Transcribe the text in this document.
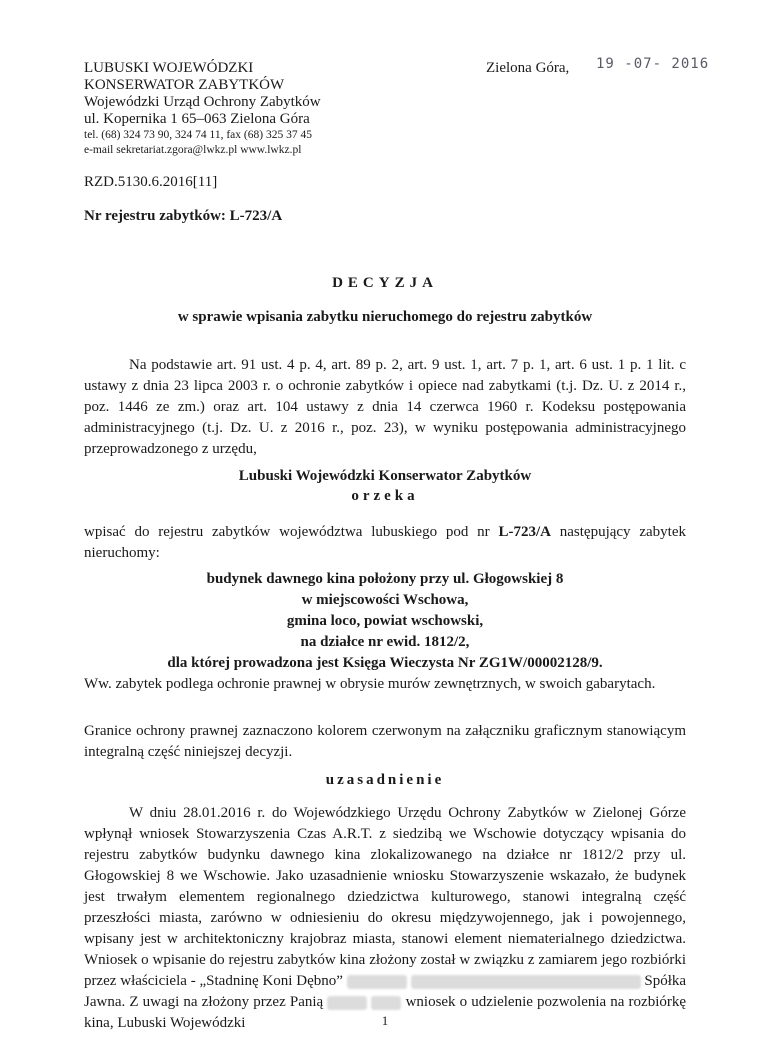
LUBUSKI WOJEWÓDZKI
KONSERWATOR ZABYTKÓW
Wojewódzki Urząd Ochrony Zabytków
ul. Kopernika 1 65–063 Zielona Góra
tel. (68) 324 73 90, 324 74 11, fax (68) 325 37 45
e-mail sekretariat.zgora@lwkz.pl www.lwkz.pl
Zielona Góra, 19 -07- 2016
RZD.5130.6.2016[11]
Nr rejestru zabytków: L-723/A
DECYZJA
w sprawie wpisania zabytku nieruchomego do rejestru zabytków
Na podstawie art. 91 ust. 4 p. 4, art. 89 p. 2, art. 9 ust. 1, art. 7 p. 1, art. 6 ust. 1 p. 1 lit. c ustawy z dnia 23 lipca 2003 r. o ochronie zabytków i opiece nad zabytkami (t.j. Dz. U. z 2014 r., poz. 1446 ze zm.) oraz art. 104 ustawy z dnia 14 czerwca 1960 r. Kodeksu postępowania administracyjnego (t.j. Dz. U. z 2016 r., poz. 23), w wyniku postępowania administracyjnego przeprowadzonego z urzędu,
Lubuski Wojewódzki Konserwator Zabytków
orzeka
wpisać do rejestru zabytków województwa lubuskiego pod nr L-723/A następujący zabytek nieruchomy:
budynek dawnego kina położony przy ul. Głogowskiej 8
w miejscowości Wschowa,
gmina loco, powiat wschowski,
na działce nr ewid. 1812/2,
dla której prowadzona jest Księga Wieczysta Nr ZG1W/00002128/9.
Ww. zabytek podlega ochronie prawnej w obrysie murów zewnętrznych, w swoich gabarytach.
Granice ochrony prawnej zaznaczono kolorem czerwonym na załączniku graficznym stanowiącym integralną część niniejszej decyzji.
uzasadnienie
W dniu 28.01.2016 r. do Wojewódzkiego Urzędu Ochrony Zabytków w Zielonej Górze wpłynął wniosek Stowarzyszenia Czas A.R.T. z siedzibą we Wschowie dotyczący wpisania do rejestru zabytków budynku dawnego kina zlokalizowanego na działce nr 1812/2 przy ul. Głogowskiej 8 we Wschowie. Jako uzasadnienie wniosku Stowarzyszenie wskazało, że budynek jest trwałym elementem regionalnego dziedzictwa kulturowego, stanowi integralną część przeszłości miasta, zarówno w odniesieniu do okresu międzywojennego, jak i powojennego, wpisany jest w architektoniczny krajobraz miasta, stanowi element niematerialnego dziedzictwa. Wniosek o wpisanie do rejestru zabytków kina złożony został w związku z zamiarem jego rozbiórki przez właściciela - „Stadninę Koni Dębno”	Spółka Jawna. Z uwagi na złożony przez Panią	wniosek o udzielenie pozwolenia na rozbiórkę kina, Lubuski Wojewódzki	1
